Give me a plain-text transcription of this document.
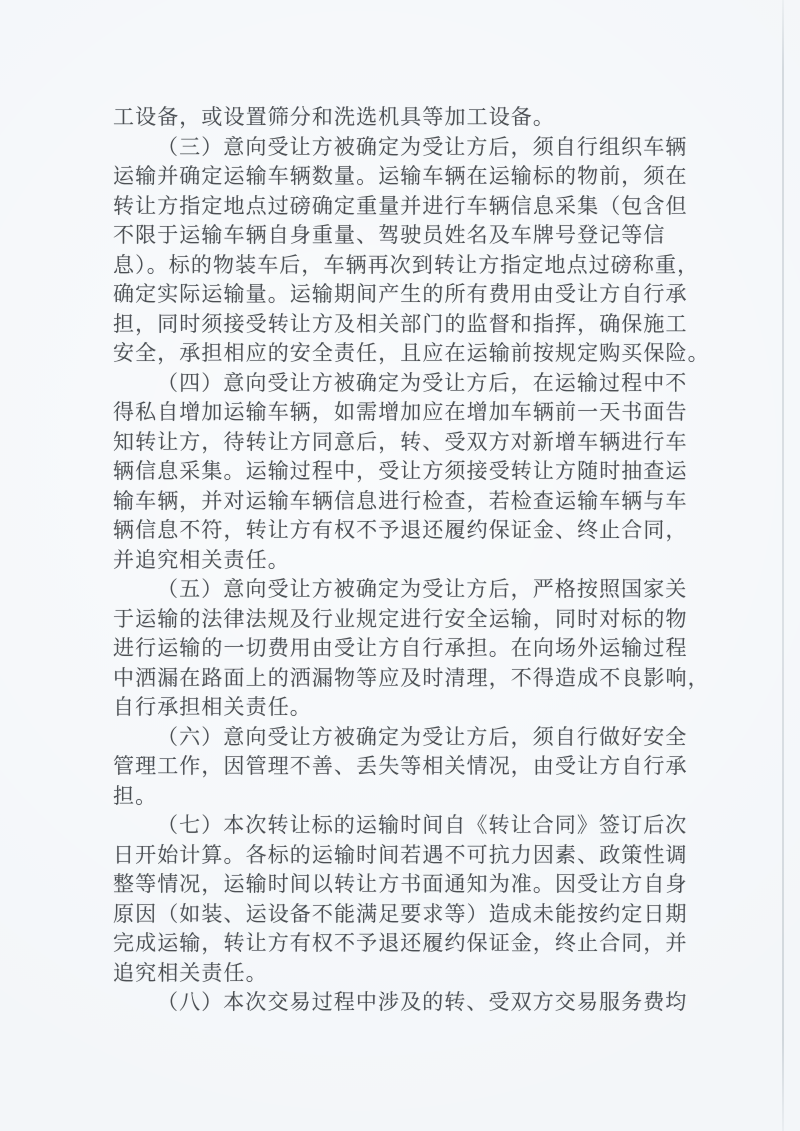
工设备，或设置筛分和洗选机具等加工设备。
（三）意向受让方被确定为受让方后，须自行组织车辆
运输并确定运输车辆数量。运输车辆在运输标的物前，须在
转让方指定地点过磅确定重量并进行车辆信息采集（包含但
不限于运输车辆自身重量、驾驶员姓名及车牌号登记等信
息）。标的物装车后，车辆再次到转让方指定地点过磅称重，
确定实际运输量。运输期间产生的所有费用由受让方自行承
担，同时须接受转让方及相关部门的监督和指挥，确保施工
安全，承担相应的安全责任，且应在运输前按规定购买保险。
（四）意向受让方被确定为受让方后，在运输过程中不
得私自增加运输车辆，如需增加应在增加车辆前一天书面告
知转让方，待转让方同意后，转、受双方对新增车辆进行车
辆信息采集。运输过程中，受让方须接受转让方随时抽查运
输车辆，并对运输车辆信息进行检查，若检查运输车辆与车
辆信息不符，转让方有权不予退还履约保证金、终止合同，
并追究相关责任。
（五）意向受让方被确定为受让方后，严格按照国家关
于运输的法律法规及行业规定进行安全运输，同时对标的物
进行运输的一切费用由受让方自行承担。在向场外运输过程
中洒漏在路面上的洒漏物等应及时清理，不得造成不良影响，
自行承担相关责任。
（六）意向受让方被确定为受让方后，须自行做好安全
管理工作，因管理不善、丢失等相关情况，由受让方自行承
担。
（七）本次转让标的运输时间自《转让合同》签订后次
日开始计算。各标的运输时间若遇不可抗力因素、政策性调
整等情况，运输时间以转让方书面通知为准。因受让方自身
原因（如装、运设备不能满足要求等）造成未能按约定日期
完成运输，转让方有权不予退还履约保证金，终止合同，并
追究相关责任。
（八）本次交易过程中涉及的转、受双方交易服务费均
